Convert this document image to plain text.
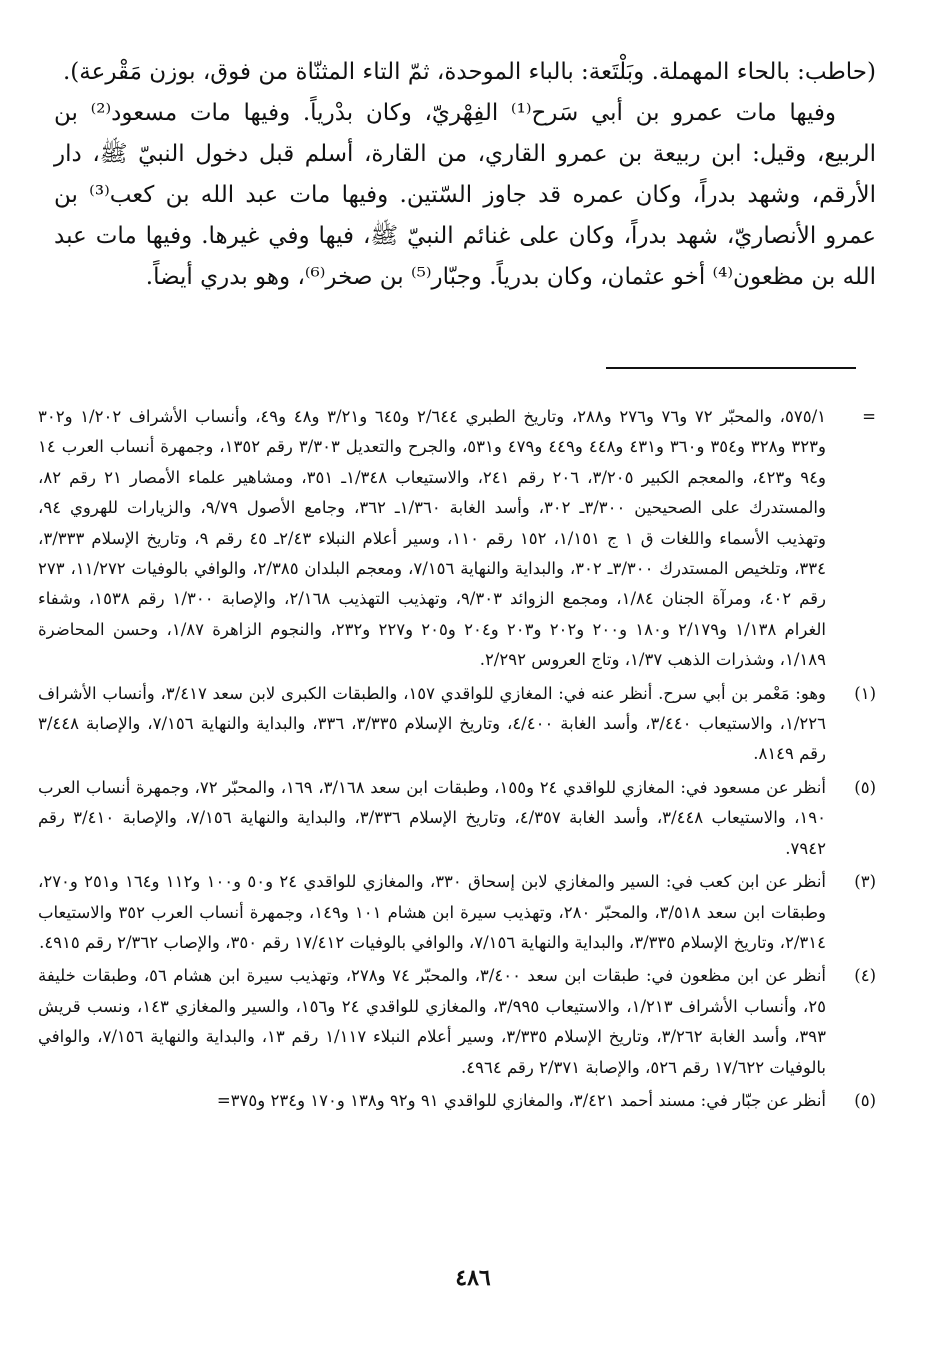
(حاطب: بالحاء المهملة. وبَلْتَعة: بالباء الموحدة، ثمّ التاء المثنّاة من فوق، بوزن مَقْرعة).

وفيها مات عمرو بن أبي سَرح⁽¹⁾ الفِهْريّ، وكان بدْرياً. وفيها مات مسعود⁽²⁾ بن الربيع، وقيل: ابن ربيعة بن عمرو القاري، من القارة، أسلم قبل دخول النبيّ ﷺ، دار الأرقم، وشهد بدراً، وكان عمره قد جاوز السّتين. وفيها مات عبد الله بن كعب⁽³⁾ بن عمرو الأنصاريّ، شهد بدراً، وكان على غنائم النبيّ ﷺ، فيها وفي غيرها. وفيها مات عبد الله بن مظعون⁽⁴⁾ أخو عثمان، وكان بدرياً. وجبّار⁽⁵⁾ بن صخر⁽⁶⁾، وهو بدري أيضاً.

=
٥٧٥/١، والمحبّر ٧٢ و٧٦ و٢٧٦ و٢٨٨، وتاريخ الطبري ٢/٦٤٤ و٦٤٥ و٣/٢١ و٤٨ و٤٩، وأنساب الأشراف ١/٢٠٢ و٣٠٢ و٣٢٣ و٣٢٨ و٣٥٤ و٣٦٠ و٤٣١ و٤٤٨ و٤٤٩ و٤٧٩ و٥٣١، والجرح والتعديل ٣/٣٠٣ رقم ١٣٥٢، وجمهرة أنساب العرب ١٤ و٩٤ و٤٢٣، والمعجم الكبير ٣/٢٠٥، ٢٠٦ رقم ٢٤١، والاستيعاب ١/٣٤٨ـ ٣٥١، ومشاهير علماء الأمصار ٢١ رقم ٨٢، والمستدرك على الصحيحين ٣/٣٠٠ـ ٣٠٢، وأسد الغابة ١/٣٦٠ـ ٣٦٢، وجامع الأصول ٩/٧٩، والزيارات للهروي ٩٤، وتهذيب الأسماء واللغات ق ١ ج ١/١٥١، ١٥٢ رقم ١١٠، وسير أعلام النبلاء ٢/٤٣ـ ٤٥ رقم ٩، وتاريخ الإسلام ٣/٣٣٣، ٣٣٤، وتلخيص المستدرك ٣/٣٠٠ـ ٣٠٢، والبداية والنهاية ٧/١٥٦، ومعجم البلدان ٢/٣٨٥، والوافي بالوفيات ١١/٢٧٢، ٢٧٣ رقم ٤٠٢، ومرآة الجنان ١/٨٤، ومجمع الزوائد ٩/٣٠٣، وتهذيب التهذيب ٢/١٦٨، والإصابة ١/٣٠٠ رقم ١٥٣٨، وشفاء الغرام ١/١٣٨ و٢/١٧٩ و١٨٠ و٢٠٠ و٢٠٢ و٢٠٣ و٢٠٤ و٢٠٥ و٢٢٧ و٢٣٢، والنجوم الزاهرة ١/٨٧، وحسن المحاضرة ١/١٨٩، وشذرات الذهب ١/٣٧، وتاج العروس ٢/٢٩٢.
(١)
وهو: مَعْمر بن أبي سرح. أنظر عنه في: المغازي للواقدي ١٥٧، والطبقات الكبرى لابن سعد ٣/٤١٧، وأنساب الأشراف ١/٢٢٦، والاستيعاب ٣/٤٤٠، وأسد الغابة ٤/٤٠٠، وتاريخ الإسلام ٣/٣٣٥، ٣٣٦، والبداية والنهاية ٧/١٥٦، والإصابة ٣/٤٤٨ رقم ٨١٤٩.
(٥)
أنظر عن مسعود في: المغازي للواقدي ٢٤ و١٥٥، وطبقات ابن سعد ٣/١٦٨، ١٦٩، والمحبّر ٧٢، وجمهرة أنساب العرب ١٩٠، والاستيعاب ٣/٤٤٨، وأسد الغابة ٤/٣٥٧، وتاريخ الإسلام ٣/٣٣٦، والبداية والنهاية ٧/١٥٦، والإصابة ٣/٤١٠ رقم ٧٩٤٢.
(٣)
أنظر عن ابن كعب في: السير والمغازي لابن إسحاق ٣٣٠، والمغازي للواقدي ٢٤ و٥٠ و١٠٠ و١١٢ و١٦٤ و٢٥١ و٢٧٠، وطبقات ابن سعد ٣/٥١٨، والمحبّر ٢٨٠، وتهذيب سيرة ابن هشام ١٠١ و١٤٩، وجمهرة أنساب العرب ٣٥٢ والاستيعاب ٢/٣١٤، وتاريخ الإسلام ٣/٣٣٥، والبداية والنهاية ٧/١٥٦، والوافي بالوفيات ١٧/٤١٢ رقم ٣٥٠، والإصاب ٢/٣٦٢ رقم ٤٩١٥.
(٤)
أنظر عن ابن مظعون في: طبقات ابن سعد ٣/٤٠٠، والمحبّر ٧٤ و٢٧٨، وتهذيب سيرة ابن هشام ٥٦، وطبقات خليفة ٢٥، وأنساب الأشراف ١/٢١٣، والاستيعاب ٣/٩٩٥، والمغازي للواقدي ٢٤ و١٥٦، والسير والمغازي ١٤٣، ونسب قريش ٣٩٣، وأسد الغابة ٣/٢٦٢، وتاريخ الإسلام ٣/٣٣٥، وسير أعلام النبلاء ١/١١٧ رقم ١٣، والبداية والنهاية ٧/١٥٦، والوافي بالوفيات ١٧/٦٢٢ رقم ٥٢٦، والإصابة ٢/٣٧١ رقم ٤٩٦٤.
(٥)
أنظر عن جبّار في: مسند أحمد ٣/٤٢١، والمغازي للواقدي ٩١ و٩٢ و١٣٨ و١٧٠ و٢٣٤ و٣٧٥=
٤٨٦
